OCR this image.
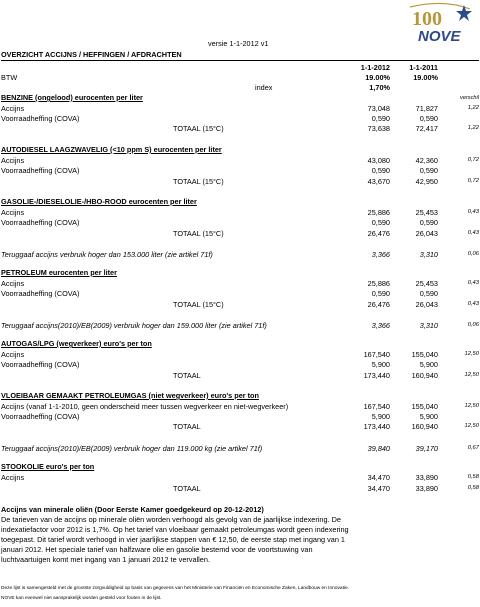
100
NOVE
versie 1-1-2012 v1
OVERZICHT ACCIJNS / HEFFINGEN / AFDRACHTEN
1-1-2012	1-1-2011
BTW	19.00%	19.00%
index	1,70%
BENZINE (ongelood) eurocenten per liter	verschil
Accijns	73,048	71,827	1,22
Voorraadheffing (COVA)	0,590	0,590
TOTAAL (15°C)	73,638	72,417	1,22
AUTODIESEL LAAGZWAVELIG (<10 ppm S) eurocenten per liter
Accijns	43,080	42,360	0,72
Voorraadheffing (COVA)	0,590	0,590
TOTAAL (15°C)	43,670	42,950	0,72
GASOLIE-/DIESELOLIE-/HBO-ROOD eurocenten per liter
Accijns	25,886	25,453	0,43
Voorraadheffing (COVA)	0,590	0,590
TOTAAL (15°C)	26,476	26,043	0,43
Teruggaaf accijns verbruik hoger dan 153.000 liter (zie artikel 71f)	3,366	3,310	0,06
PETROLEUM eurocenten per liter
Accijns	25,886	25,453	0,43
Voorraadheffing (COVA)	0,590	0,590
TOTAAL (15°C)	26,476	26,043	0,43
Teruggaaf accijns(2010)/EB(2009) verbruik hoger dan 159.000 liter (zie artikel 71f)	3,366	3,310	0,06
AUTOGAS/LPG (wegverkeer) euro's per ton
Accijns	167,540	155,040	12,50
Voorraadheffing (COVA)	5,900	5,900
TOTAAL	173,440	160,940	12,50
VLOEIBAAR GEMAAKT PETROLEUMGAS (niet wegverkeer) euro's per ton
Accijns (vanaf 1-1-2010, geen onderscheid meer tussen wegverkeer en niet-wegverkeer)	167,540	155,040	12,50
Voorraadheffing (COVA)	5,900	5,900
TOTAAL	173,440	160,940	12,50
Teruggaaf accijns(2010)/EB(2009) verbruik hoger dan 119.000 kg (zie artikel 71f)	39,840	39,170	0,67
STOOKOLIE euro's per ton
Accijns	34,470	33,890	0,58
TOTAAL	34,470	33,890	0,58
Accijns van minerale oliën (Door Eerste Kamer goedgekeurd op 20-12-2012)
De tarieven van de accijns op minerale oliën worden verhoogd als gevolg van de jaarlijkse indexering. De indexatiefactor voor 2012 is 1,7%. Op het tarief van vloeibaar gemaakt petroleumgas wordt geen indexering toegepast. Dit tarief wordt verhoogd in vier jaarlijkse stappen van € 12,50, de eerste stap met ingang van 1 januari 2012. Het speciale tarief van halfzware olie en gasolie bestemd voor de voortstuwing van luchtvaartuigen komt met ingang van 1 januari 2012 te vervallen.
Deze lijst is samengesteld met de grootste zorgvuldigheid op basis van gegevens van het Ministerie van Financiën en Economische Zaken, Landbouw en Innovatie.
NOVE kan evenwel niet aansprakelijk worden gesteld voor fouten in de lijst.
